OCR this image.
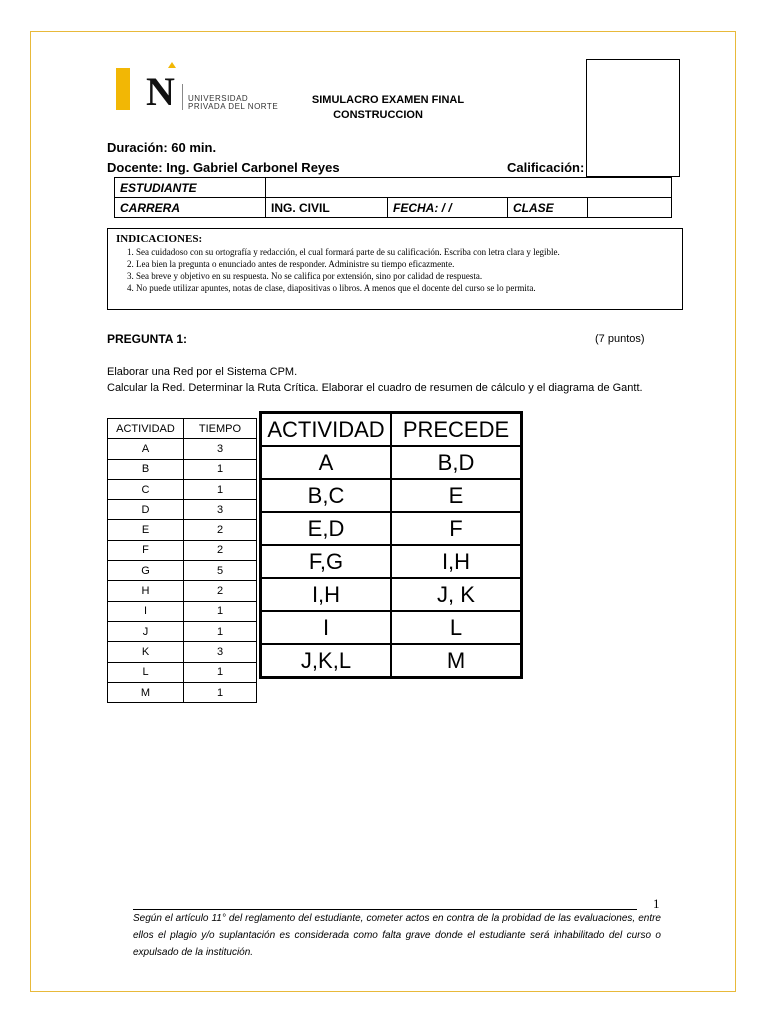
N UNIVERSIDAD
PRIVADA DEL NORTE
SIMULACRO EXAMEN FINAL
CONSTRUCCION
Duración: 60 min.
Docente: Ing. Gabriel Carbonel Reyes	Calificación:
ESTUDIANTE				
CARRERA	ING. CIVIL	FECHA: / /	CLASE	
INDICACIONES:
1. Sea cuidadoso con su ortografía y redacción, el cual formará parte de su calificación. Escriba con letra clara y legible.
2. Lea bien la pregunta o enunciado antes de responder. Administre su tiempo eficazmente.
3. Sea breve y objetivo en su respuesta. No se califica por extensión, sino por calidad de respuesta.
4. No puede utilizar apuntes, notas de clase, diapositivas o libros. A menos que el docente del curso se lo permita.
PREGUNTA 1:	(7 puntos)
Elaborar una Red por el Sistema CPM.
Calcular la Red. Determinar la Ruta Crítica. Elaborar el cuadro de resumen de cálculo y el diagrama de Gantt.
ACTIVIDAD	TIEMPO
A	3
B	1
C	1
D	3
E	2
F	2
G	5
H	2
I	1
J	1
K	3
L	1
M	1
ACTIVIDAD	PRECEDE
A	B,D
B,C	E
E,D	F
F,G	I,H
I,H	J, K
I	L
J,K,L	M
1
Según el artículo 11° del reglamento del estudiante, cometer actos en contra de la probidad de las evaluaciones, entre ellos el plagio y/o suplantación es considerada como falta grave donde el estudiante será inhabilitado del curso o expulsado de la institución.
